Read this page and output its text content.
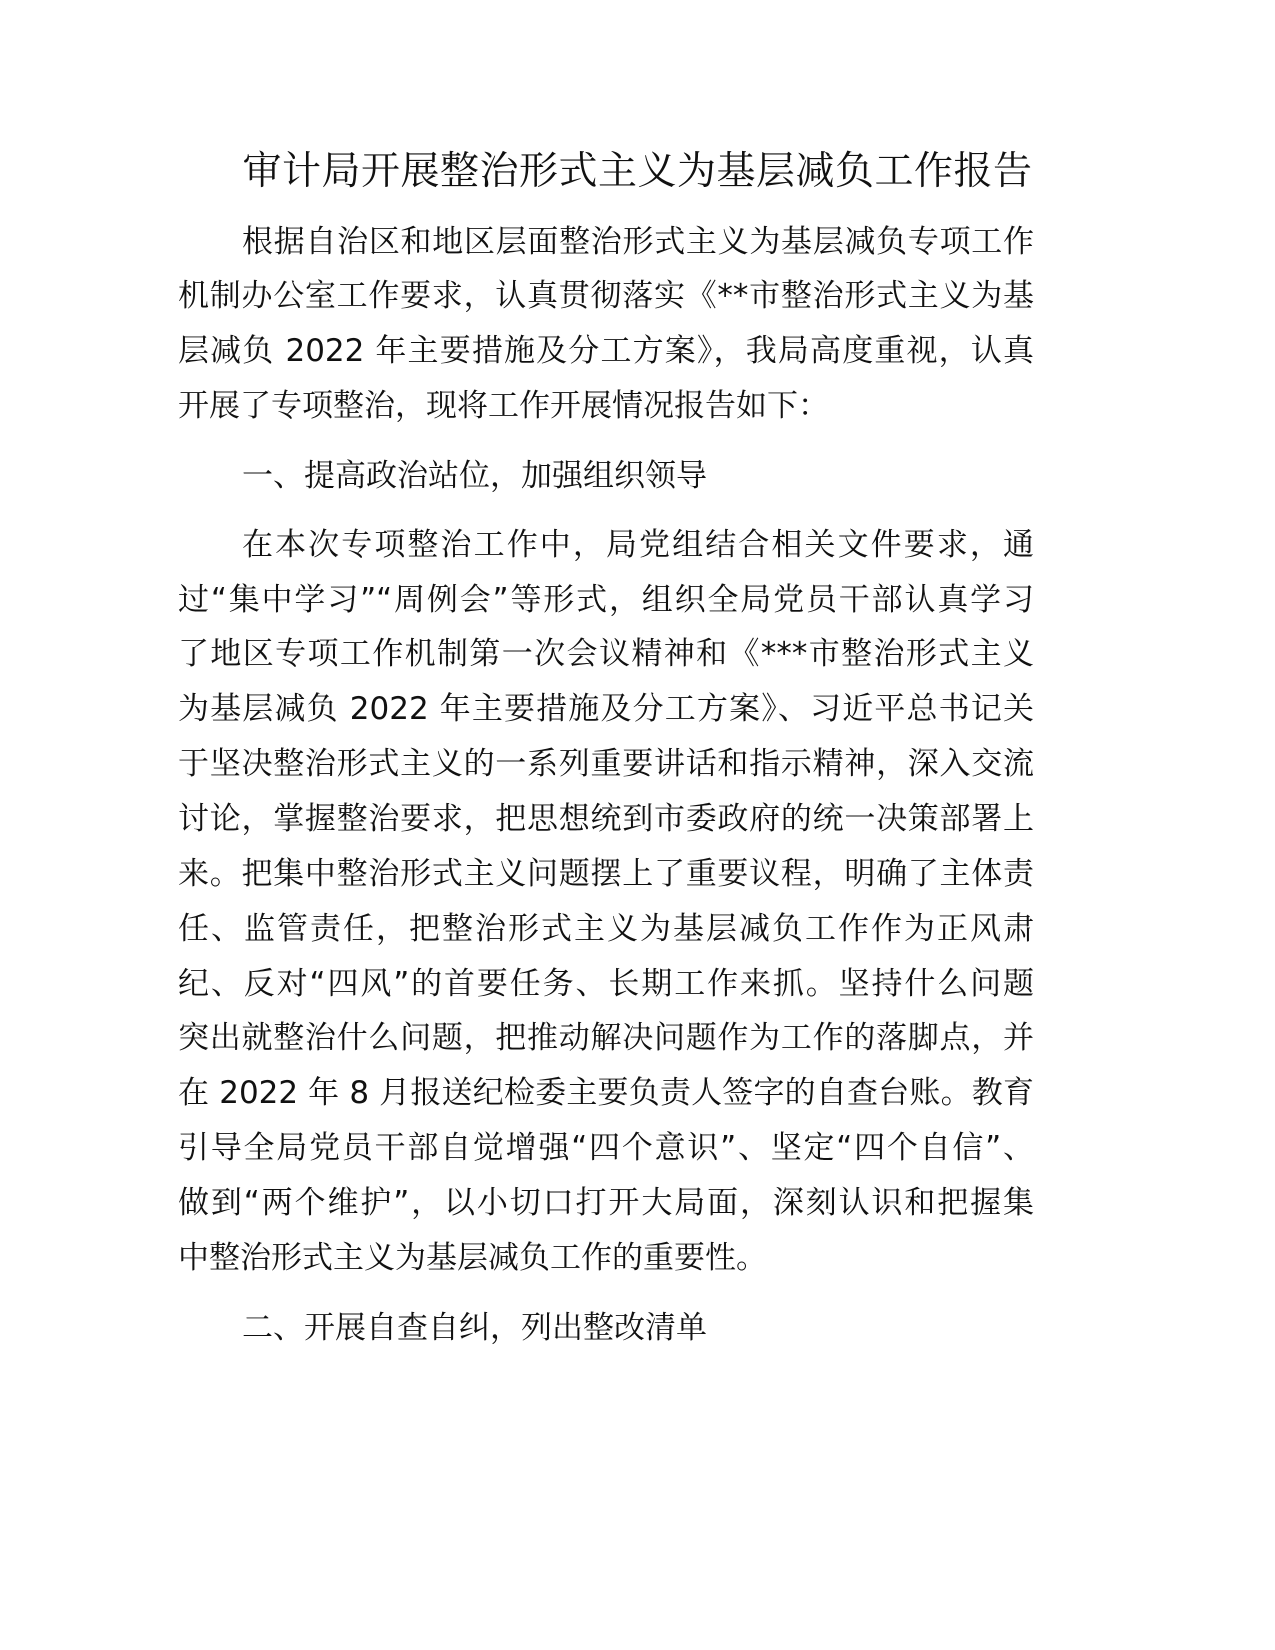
审计局开展整治形式主义为基层减负工作报告
根据自治区和地区层面整治形式主义为基层减负专项工作
机制办公室工作要求，认真贯彻落实《**市整治形式主义为基
层减负 2022 年主要措施及分工方案》，我局高度重视，认真
开展了专项整治，现将工作开展情况报告如下：
一、提高政治站位，加强组织领导
在本次专项整治工作中，局党组结合相关文件要求，通
过“集中学习”“周例会”等形式，组织全局党员干部认真学习
了地区专项工作机制第一次会议精神和《***市整治形式主义
为基层减负 2022 年主要措施及分工方案》、习近平总书记关
于坚决整治形式主义的一系列重要讲话和指示精神，深入交流
讨论，掌握整治要求，把思想统到市委政府的统一决策部署上
来。把集中整治形式主义问题摆上了重要议程，明确了主体责
任、监管责任，把整治形式主义为基层减负工作作为正风肃
纪、反对“四风”的首要任务、长期工作来抓。坚持什么问题
突出就整治什么问题，把推动解决问题作为工作的落脚点，并
在 2022 年 8 月报送纪检委主要负责人签字的自查台账。教育
引导全局党员干部自觉增强“四个意识”、坚定“四个自信”、
做到“两个维护”，以小切口打开大局面，深刻认识和把握集
中整治形式主义为基层减负工作的重要性。
二、开展自查自纠，列出整改清单
